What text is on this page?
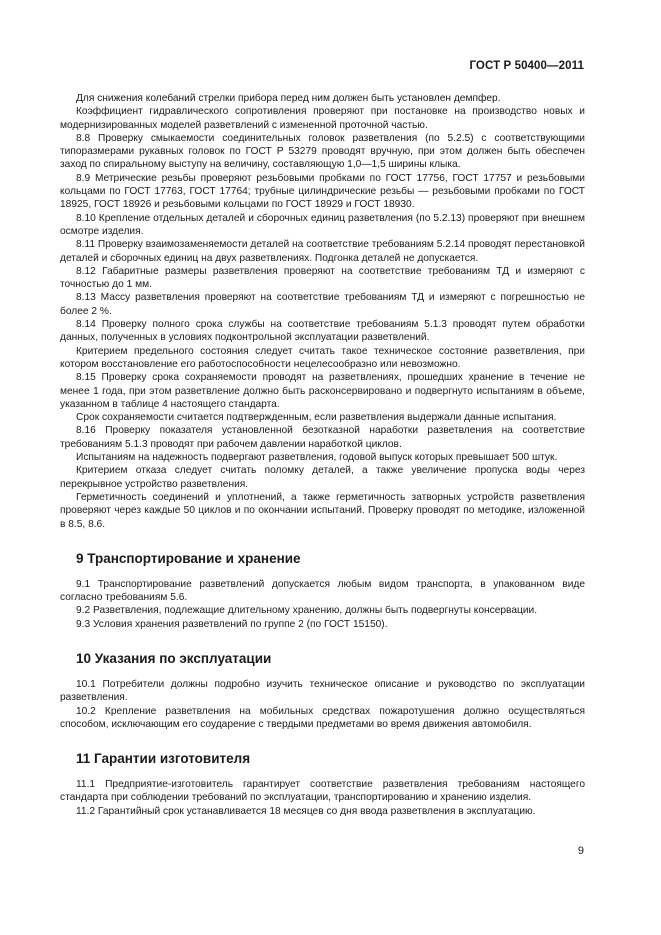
ГОСТ Р 50400—2011

Для снижения колебаний стрелки прибора перед ним должен быть установлен демпфер.

Коэффициент гидравлического сопротивления проверяют при постановке на производство новых и модернизированных моделей разветвлений с измененной проточной частью.

8.8 Проверку смыкаемости соединительных головок разветвления (по 5.2.5) с соответствующими типоразмерами рукавных головок по ГОСТ Р 53279 проводят вручную, при этом должен быть обеспечен заход по спиральному выступу на величину, составляющую 1,0—1,5 ширины клыка.

8.9 Метрические резьбы проверяют резьбовыми пробками по ГОСТ 17756, ГОСТ 17757 и резьбовыми кольцами по ГОСТ 17763, ГОСТ 17764; трубные цилиндрические резьбы — резьбовыми пробками по ГОСТ 18925, ГОСТ 18926 и резьбовыми кольцами по ГОСТ 18929 и ГОСТ 18930.

8.10 Крепление отдельных деталей и сборочных единиц разветвления (по 5.2.13) проверяют при внешнем осмотре изделия.

8.11 Проверку взаимозаменяемости деталей на соответствие требованиям 5.2.14 проводят перестановкой деталей и сборочных единиц на двух разветвлениях. Подгонка деталей не допускается.

8.12 Габаритные размеры разветвления проверяют на соответствие требованиям ТД и измеряют с точностью до 1 мм.

8.13 Массу разветвления проверяют на соответствие требованиям ТД и измеряют с погрешностью не более 2 %.

8.14 Проверку полного срока службы на соответствие требованиям 5.1.3 проводят путем обработки данных, полученных в условиях подконтрольной эксплуатации разветвлений.

Критерием предельного состояния следует считать такое техническое состояние разветвления, при котором восстановление его работоспособности нецелесообразно или невозможно.

8.15 Проверку срока сохраняемости проводят на разветвлениях, прошедших хранение в течение не менее 1 года, при этом разветвление должно быть расконсервировано и подвергнуто испытаниям в объеме, указанном в таблице 4 настоящего стандарта.

Срок сохраняемости считается подтвержденным, если разветвления выдержали данные испытания.

8.16 Проверку показателя установленной безотказной наработки разветвления на соответствие требованиям 5.1.3 проводят при рабочем давлении наработкой циклов.

Испытаниям на надежность подвергают разветвления, годовой выпуск которых превышает 500 штук.

Критерием отказа следует считать поломку деталей, а также увеличение пропуска воды через перекрывное устройство разветвления.

Герметичность соединений и уплотнений, а также герметичность затворных устройств разветвления проверяют через каждые 50 циклов и по окончании испытаний. Проверку проводят по методике, изложенной в 8.5, 8.6.

9 Транспортирование и хранение

9.1 Транспортирование разветвлений допускается любым видом транспорта, в упакованном виде согласно требованиям 5.6.

9.2 Разветвления, подлежащие длительному хранению, должны быть подвергнуты консервации.

9.3 Условия хранения разветвлений по группе 2 (по ГОСТ 15150).

10 Указания по эксплуатации

10.1 Потребители должны подробно изучить техническое описание и руководство по эксплуатации разветвления.

10.2 Крепление разветвления на мобильных средствах пожаротушения должно осуществляться способом, исключающим его соударение с твердыми предметами во время движения автомобиля.

11 Гарантии изготовителя

11.1 Предприятие-изготовитель гарантирует соответствие разветвления требованиям настоящего стандарта при соблюдении требований по эксплуатации, транспортированию и хранению изделия.

11.2 Гарантийный срок устанавливается 18 месяцев со дня ввода разветвления в эксплуатацию.

9
